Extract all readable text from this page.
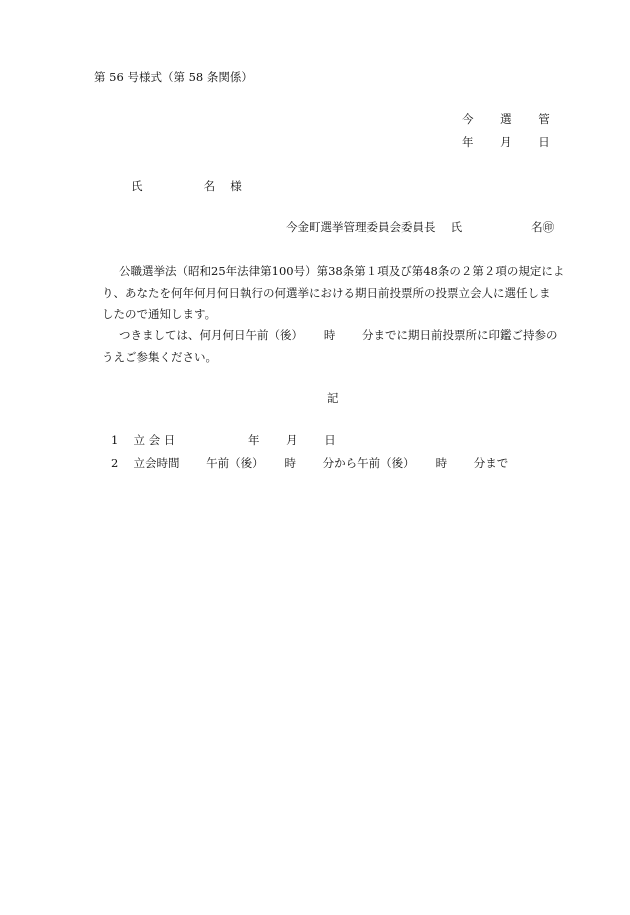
第 56 号様式（第 58 条関係）
今　　 選　　 管
年　　 月　　 日
氏　　　　　 名　 様
今金町選挙管理委員会委員長　 氏　　　　　　名㊞
公職選挙法（昭和25年法律第100号）第38条第１項及び第48条の２第２項の規定によ
り、あなたを何年何月何日執行の何選挙における期日前投票所の投票立会人に選任しま
したので通知します。
つきましては、何月何日午前（後）　　 時　　 分までに期日前投票所に印鑑ご持参の
うえご参集ください。
記
1　 立 会 日　　　　　　 年　　 月　　 日
2　 立会時間　　 午前（後）　　 時　　 分から午前（後）　　 時　　 分まで
